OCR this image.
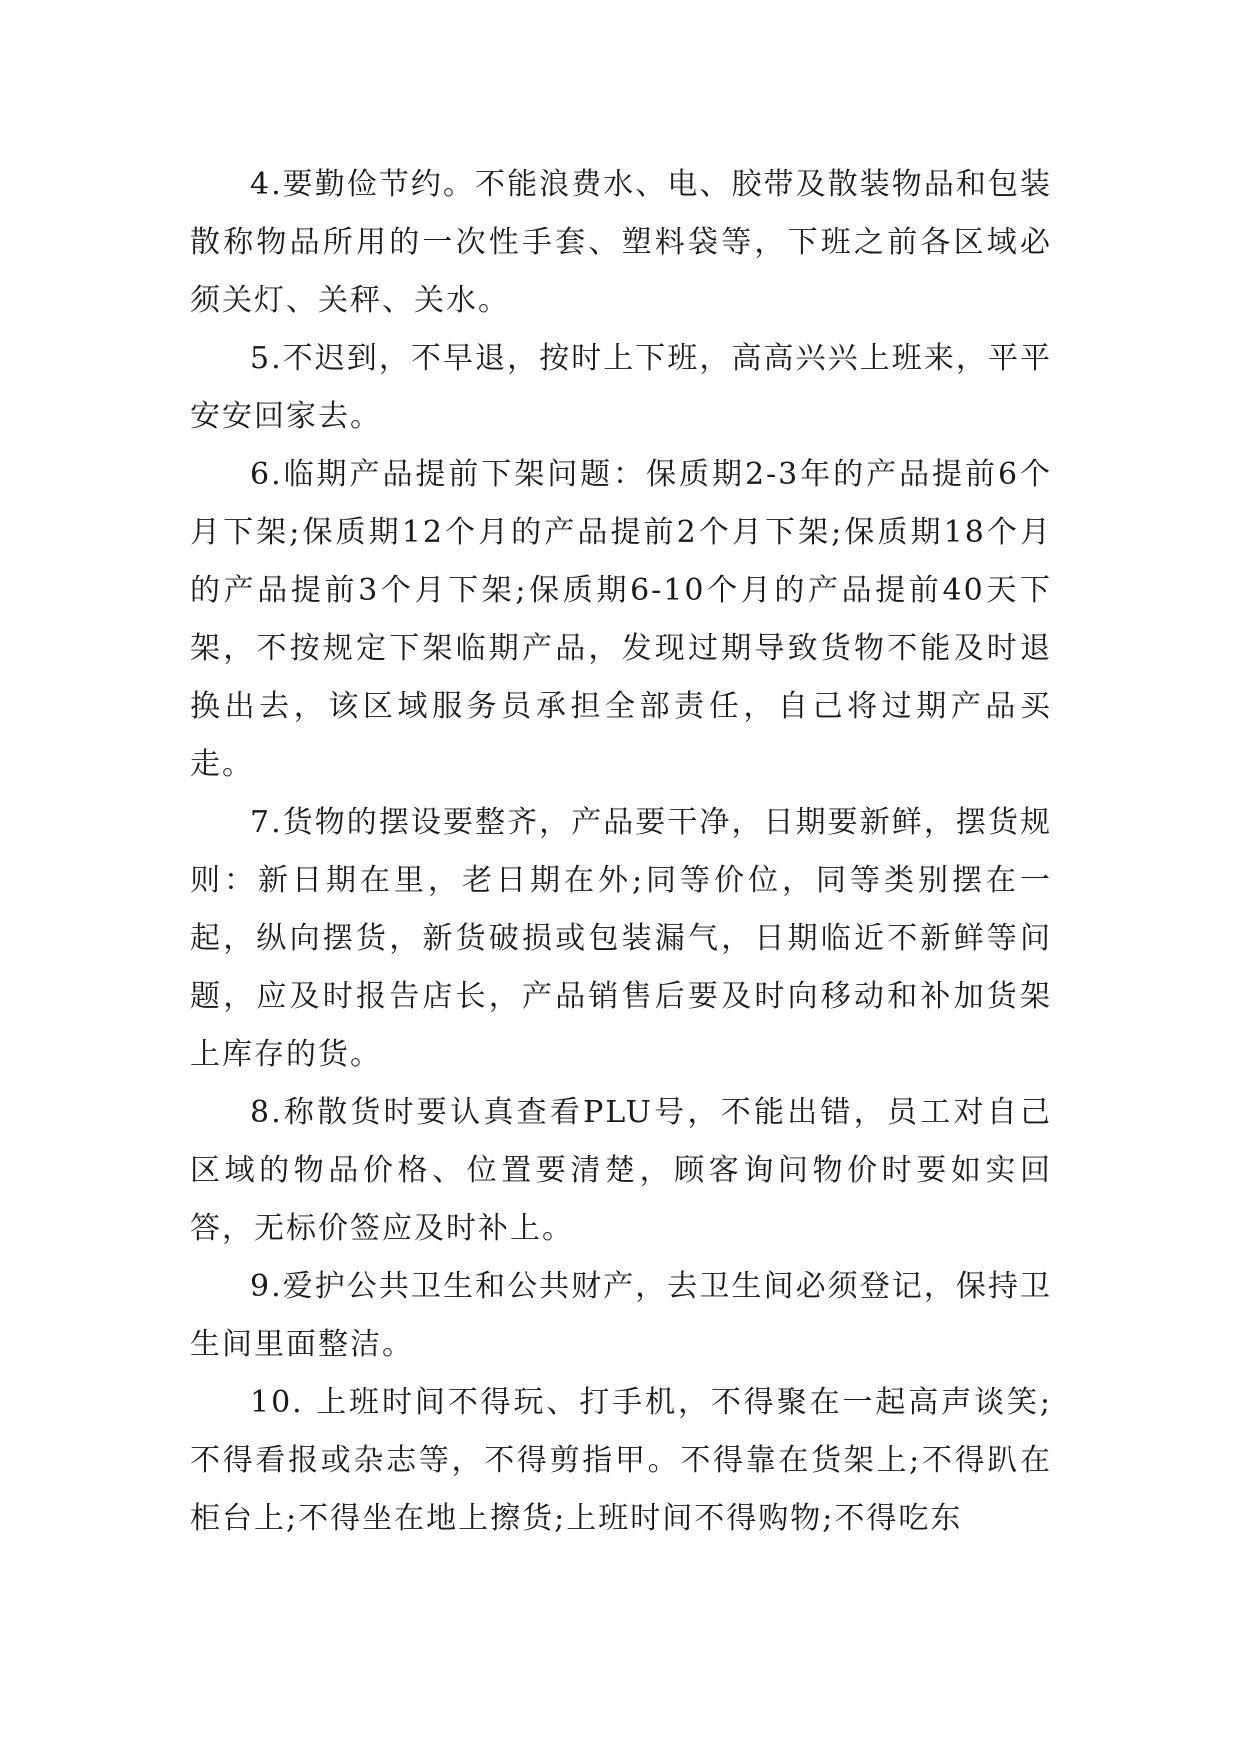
4.要勤俭节约。不能浪费水、电、胶带及散装物品和包装散称物品所用的一次性手套、塑料袋等，下班之前各区域必须关灯、关秤、关水。

5.不迟到，不早退，按时上下班，高高兴兴上班来，平平安安回家去。

6.临期产品提前下架问题：保质期2-3年的产品提前6个月下架;保质期12个月的产品提前2个月下架;保质期18个月的产品提前3个月下架;保质期6-10个月的产品提前40天下架，不按规定下架临期产品，发现过期导致货物不能及时退换出去，该区域服务员承担全部责任，自己将过期产品买走。

7.货物的摆设要整齐，产品要干净，日期要新鲜，摆货规则：新日期在里，老日期在外;同等价位，同等类别摆在一起，纵向摆货，新货破损或包装漏气，日期临近不新鲜等问题，应及时报告店长，产品销售后要及时向移动和补加货架上库存的货。

8.称散货时要认真查看PLU号，不能出错，员工对自己区域的物品价格、位置要清楚，顾客询问物价时要如实回答，无标价签应及时补上。

9.爱护公共卫生和公共财产，去卫生间必须登记，保持卫生间里面整洁。

10. 上班时间不得玩、打手机，不得聚在一起高声谈笑;不得看报或杂志等，不得剪指甲。不得靠在货架上;不得趴在柜台上;不得坐在地上擦货;上班时间不得购物;不得吃东
